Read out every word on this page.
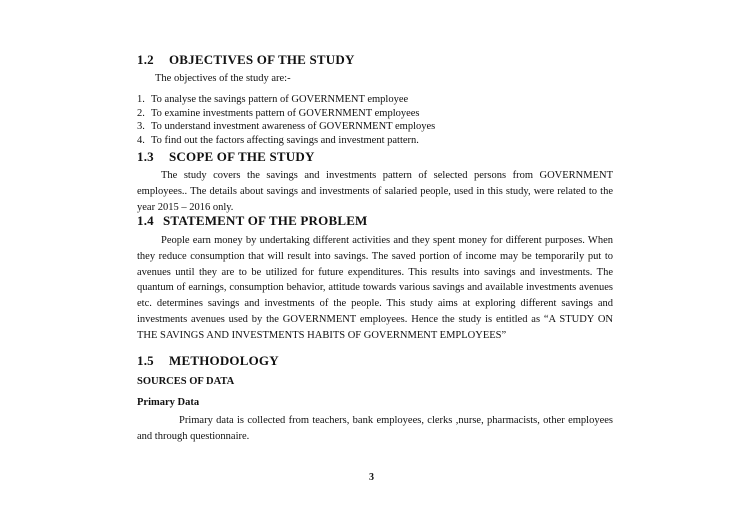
1.2 OBJECTIVES OF THE STUDY
The objectives of the study are:-
1. To analyse the savings pattern of GOVERNMENT employee
2. To examine investments pattern of GOVERNMENT employees
3. To understand investment awareness of GOVERNMENT employes
4. To find out the factors affecting savings and investment pattern.
1.3 SCOPE OF THE STUDY

The study covers the savings and investments pattern of selected persons from GOVERNMENT employees.. The details about savings and investments of salaried people, used in this study, were related to the year 2015 – 2016 only.

1.4 STATEMENT OF THE PROBLEM

People earn money by undertaking different activities and they spent money for different purposes. When they reduce consumption that will result into savings. The saved portion of income may be temporarily put to avenues until they are to be utilized for future expenditures. This results into savings and investments. The quantum of earnings, consumption behavior, attitude towards various savings and available investments avenues etc. determines savings and investments of the people. This study aims at exploring different savings and investments avenues used by the GOVERNMENT employees. Hence the study is entitled as “A STUDY ON THE SAVINGS AND INVESTMENTS HABITS OF GOVERNMENT EMPLOYEES”

1.5 METHODOLOGY
SOURCES OF DATA
Primary Data

Primary data is collected from teachers, bank employees, clerks ,nurse, pharmacists, other employees and through questionnaire.

3
